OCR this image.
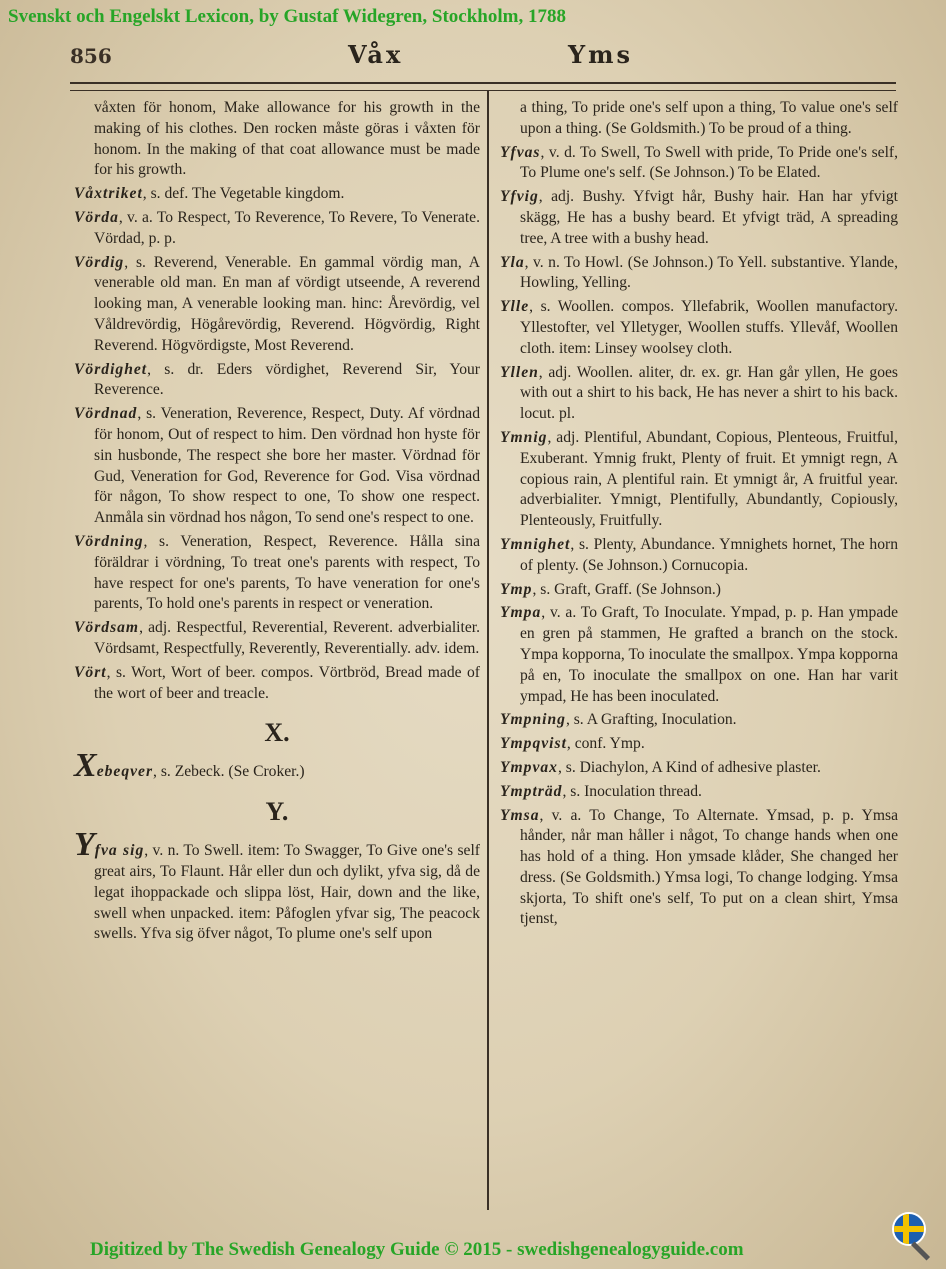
Svenskt och Engelskt Lexicon, by Gustaf Widegren, Stockholm, 1788
856	Våx	Yms
våxten för honom, Make allowance for his growth in the making of his clothes. Den rocken måste göras i våxten för honom. In the making of that coat allowance must be made for his growth.
Våxtriket, s. def. The Vegetable kingdom.
Vörda, v. a. To Respect, To Reverence, To Revere, To Venerate. Vördad, p. p.
Vördig, s. Reverend, Venerable. En gammal vördig man, A venerable old man. En man af vördigt utseende, A reverend looking man, A venerable looking man. hinc: Årevördig, vel Våldrevördig, Högårevördig, Reverend. Högvördig, Right Reverend. Högvördigste, Most Reverend.
Vördighet, s. dr. Eders vördighet, Reverend Sir, Your Reverence.
Vördnad, s. Veneration, Reverence, Respect, Duty. Af vördnad för honom, Out of respect to him. Den vördnad hon hyste för sin husbonde, The respect she bore her master. Vördnad för Gud, Veneration for God, Reverence for God. Visa vördnad för någon, To show respect to one, To show one respect. Anmåla sin vördnad hos någon, To send one's respect to one.
Vördning, s. Veneration, Respect, Reverence. Hålla sina föräldrar i vördning, To treat one's parents with respect, To have respect for one's parents, To have veneration for one's parents, To hold one's parents in respect or veneration.
Vördsam, adj. Respectful, Reverential, Reverent. adverbialiter. Vördsamt, Respectfully, Reverently, Reverentially. adv. idem.
Vört, s. Wort, Wort of beer. compos. Vörtbröd, Bread made of the wort of beer and treacle.
X.
Xebeqver, s. Zebeck. (Se Croker.)
Y.
Yfva sig, v. n. To Swell. item: To Swagger, To Give one's self great airs, To Flaunt. Hår eller dun och dylikt, yfva sig, då de legat ihoppackade och slippa löst, Hair, down and the like, swell when unpacked. item: Påfoglen yfvar sig, The peacock swells. Yfva sig öfver något, To plume one's self upon
a thing, To pride one's self upon a thing, To value one's self upon a thing. (Se Goldsmith.) To be proud of a thing.
Yfvas, v. d. To Swell, To Swell with pride, To Pride one's self, To Plume one's self. (Se Johnson.) To be Elated.
Yfvig, adj. Bushy. Yfvigt hår, Bushy hair. Han har yfvigt skägg, He has a bushy beard. Et yfvigt träd, A spreading tree, A tree with a bushy head.
Yla, v. n. To Howl. (Se Johnson.) To Yell. substantive. Ylande, Howling, Yelling.
Ylle, s. Woollen. compos. Yllefabrik, Woollen manufactory. Yllestofter, vel Ylletyger, Woollen stuffs. Yllevåf, Woollen cloth. item: Linsey woolsey cloth.
Yllen, adj. Woollen. aliter, dr. ex. gr. Han går yllen, He goes with out a shirt to his back, He has never a shirt to his back. locut. pl.
Ymnig, adj. Plentiful, Abundant, Copious, Plenteous, Fruitful, Exuberant. Ymnig frukt, Plenty of fruit. Et ymnigt regn, A copious rain, A plentiful rain. Et ymnigt år, A fruitful year. adverbialiter. Ymnigt, Plentifully, Abundantly, Copiously, Plenteously, Fruitfully.
Ymnighet, s. Plenty, Abundance. Ymnighets hornet, The horn of plenty. (Se Johnson.) Cornucopia.
Ymp, s. Graft, Graff. (Se Johnson.)
Ympa, v. a. To Graft, To Inoculate. Ympad, p. p. Han ympade en gren på stammen, He grafted a branch on the stock. Ympa kopporna, To inoculate the smallpox. Ympa kopporna på en, To inoculate the smallpox on one. Han har varit ympad, He has been inoculated.
Ympning, s. A Grafting, Inoculation.
Ympqvist, conf. Ymp.
Ympvax, s. Diachylon, A Kind of adhesive plaster.
Ympträd, s. Inoculation thread.
Ymsa, v. a. To Change, To Alternate. Ymsad, p. p. Ymsa hånder, når man håller i något, To change hands when one has hold of a thing. Hon ymsade klåder, She changed her dress. (Se Goldsmith.) Ymsa logi, To change lodging. Ymsa skjorta, To shift one's self, To put on a clean shirt, Ymsa tjenst,
Digitized by The Swedish Genealogy Guide © 2015 - swedishgenealogyguide.com
